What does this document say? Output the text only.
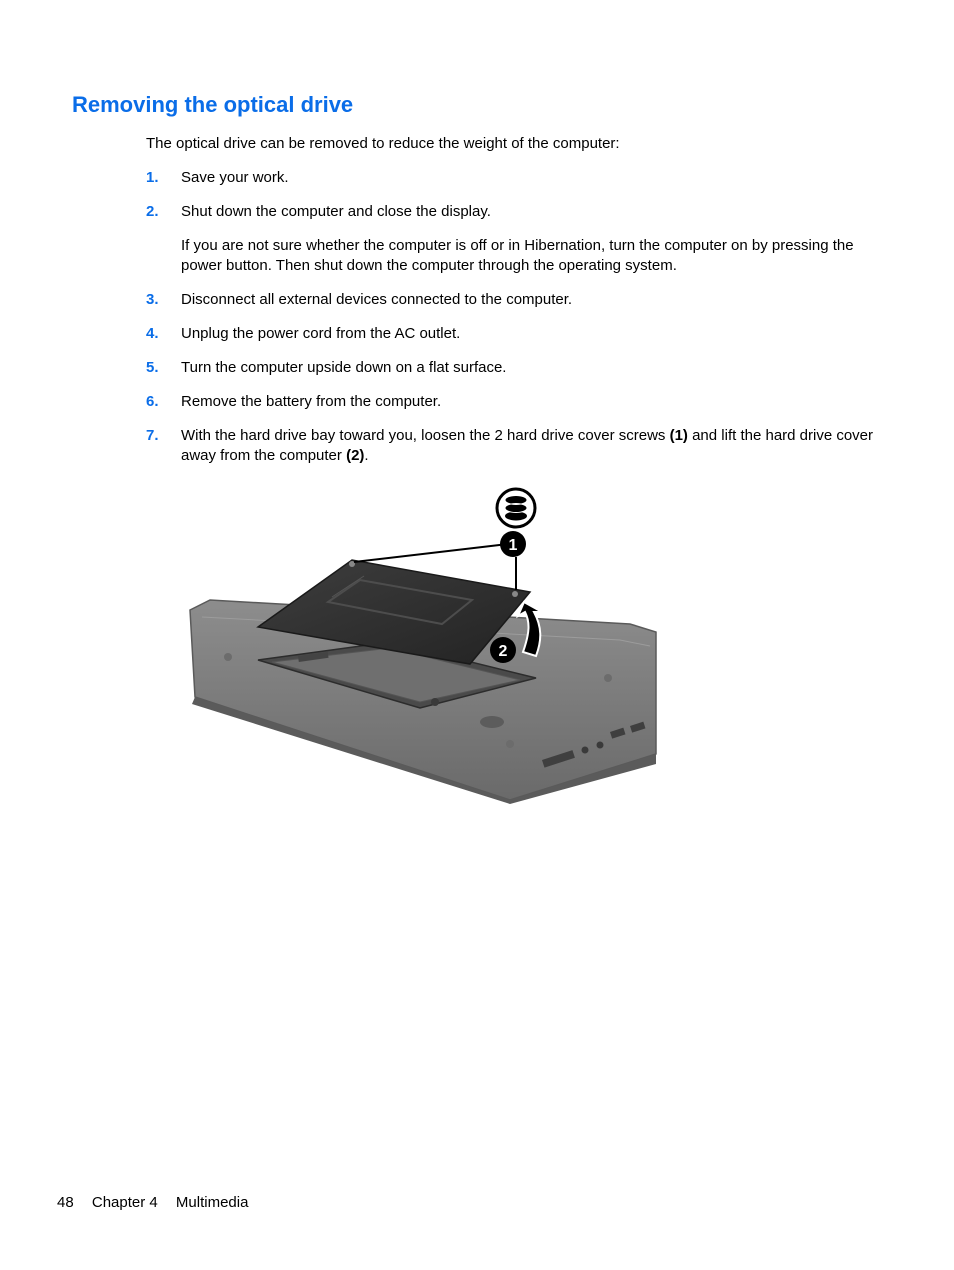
Removing the optical drive

The optical drive can be removed to reduce the weight of the computer:

1. Save your work.
2. Shut down the computer and close the display.
If you are not sure whether the computer is off or in Hibernation, turn the computer on by pressing the power button. Then shut down the computer through the operating system.
3. Disconnect all external devices connected to the computer.
4. Unplug the power cord from the AC outlet.
5. Turn the computer upside down on a flat surface.
6. Remove the battery from the computer.
7. With the hard drive bay toward you, loosen the 2 hard drive cover screws (1) and lift the hard drive cover away from the computer (2).
1
2
48 Chapter 4 Multimedia
